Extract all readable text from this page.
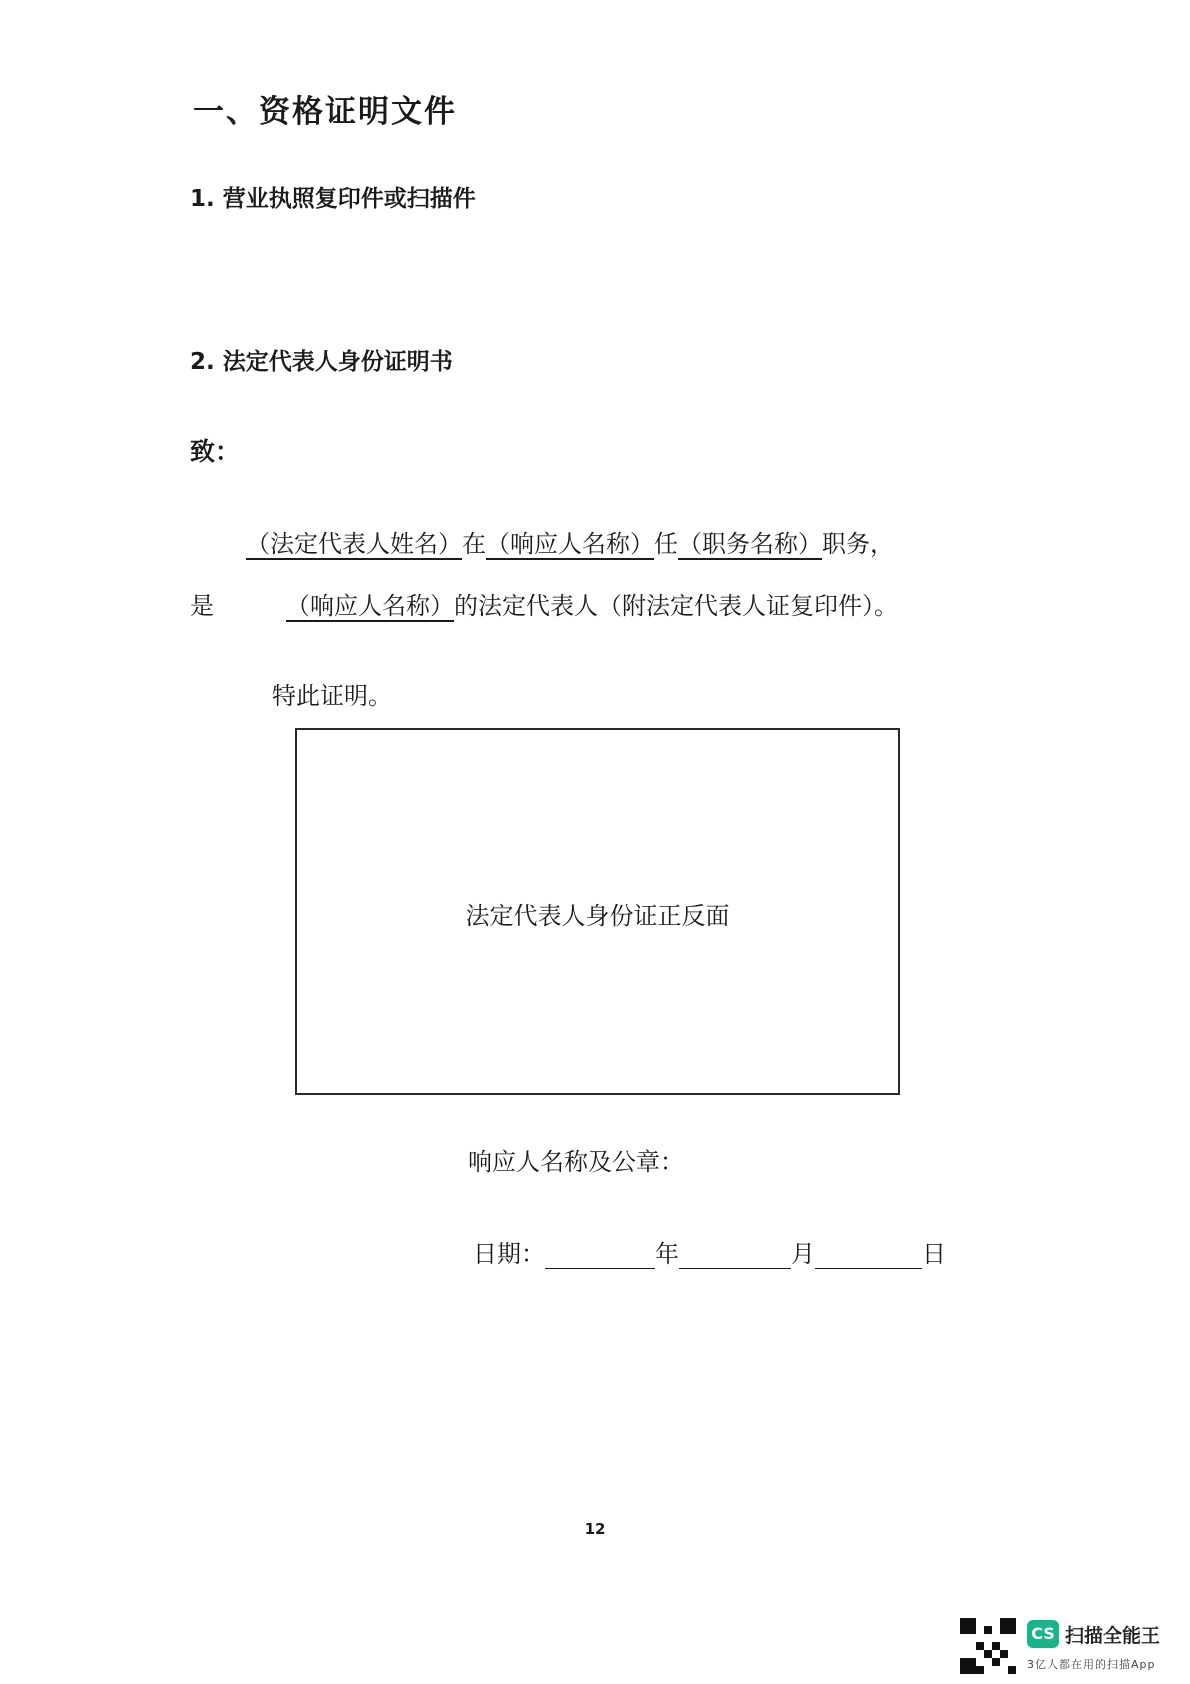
一、资格证明文件
1. 营业执照复印件或扫描件
2. 法定代表人身份证明书
致：
（法定代表人姓名）在（响应人名称）任（职务名称）职务，
是	（响应人名称）的法定代表人（附法定代表人证复印件）。
特此证明。
法定代表人身份证正反面
响应人名称及公章：
日期：	年	月	日
12
CS 扫描全能王
3亿人都在用的扫描App
